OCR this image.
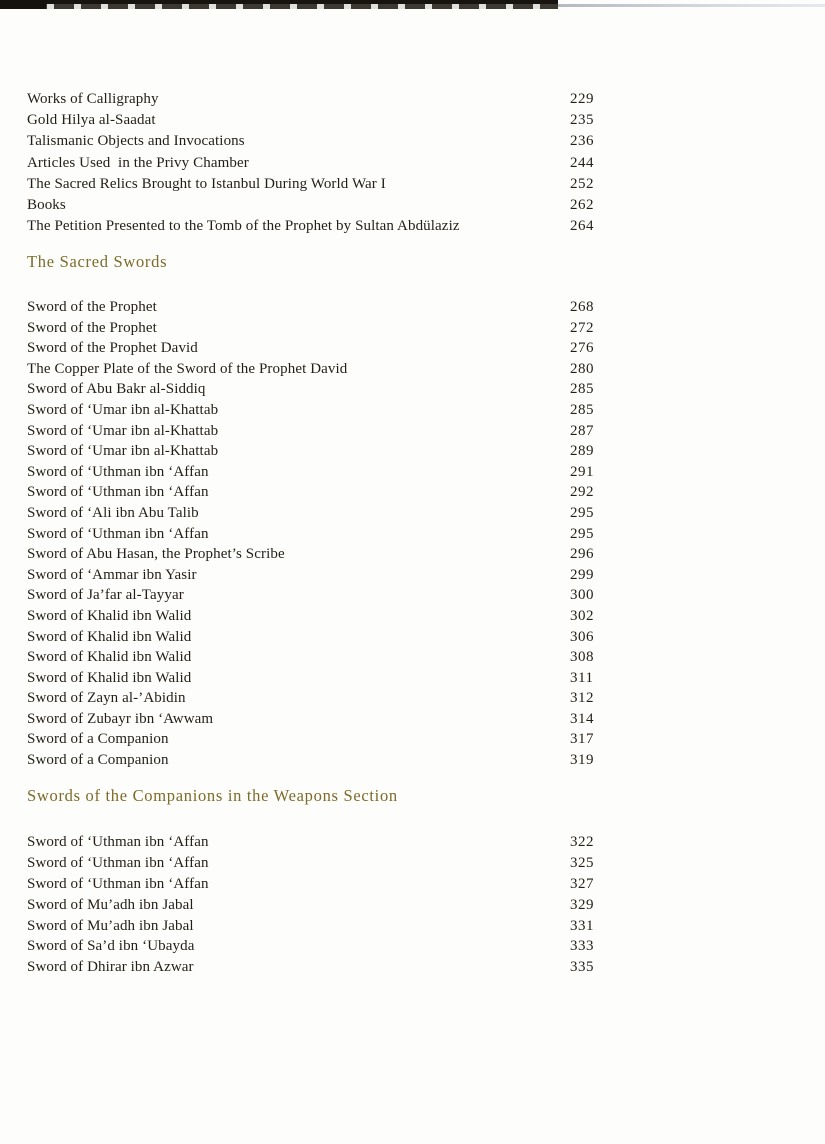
Works of Calligraphy	229
Gold Hilya al-Saadat	235
Talismanic Objects and Invocations	236
Articles Used  in the Privy Chamber	244
The Sacred Relics Brought to Istanbul During World War I	252
Books	262
The Petition Presented to the Tomb of the Prophet by Sultan Abdülaziz	264
The Sacred Swords
Sword of the Prophet	268
Sword of the Prophet	272
Sword of the Prophet David	276
The Copper Plate of the Sword of the Prophet David	280
Sword of Abu Bakr al-Siddiq	285
Sword of ‘Umar ibn al-Khattab	285
Sword of ‘Umar ibn al-Khattab	287
Sword of ‘Umar ibn al-Khattab	289
Sword of ‘Uthman ibn ‘Affan	291
Sword of ‘Uthman ibn ‘Affan	292
Sword of ‘Ali ibn Abu Talib	295
Sword of ‘Uthman ibn ‘Affan	295
Sword of Abu Hasan, the Prophet’s Scribe	296
Sword of ‘Ammar ibn Yasir	299
Sword of Ja’far al-Tayyar	300
Sword of Khalid ibn Walid	302
Sword of Khalid ibn Walid	306
Sword of Khalid ibn Walid	308
Sword of Khalid ibn Walid	311
Sword of Zayn al-’Abidin	312
Sword of Zubayr ibn ‘Awwam	314
Sword of a Companion	317
Sword of a Companion	319
Swords of the Companions in the Weapons Section
Sword of ‘Uthman ibn ‘Affan	322
Sword of ‘Uthman ibn ‘Affan	325
Sword of ‘Uthman ibn ‘Affan	327
Sword of Mu’adh ibn Jabal	329
Sword of Mu’adh ibn Jabal	331
Sword of Sa’d ibn ‘Ubayda	333
Sword of Dhirar ibn Azwar	335
